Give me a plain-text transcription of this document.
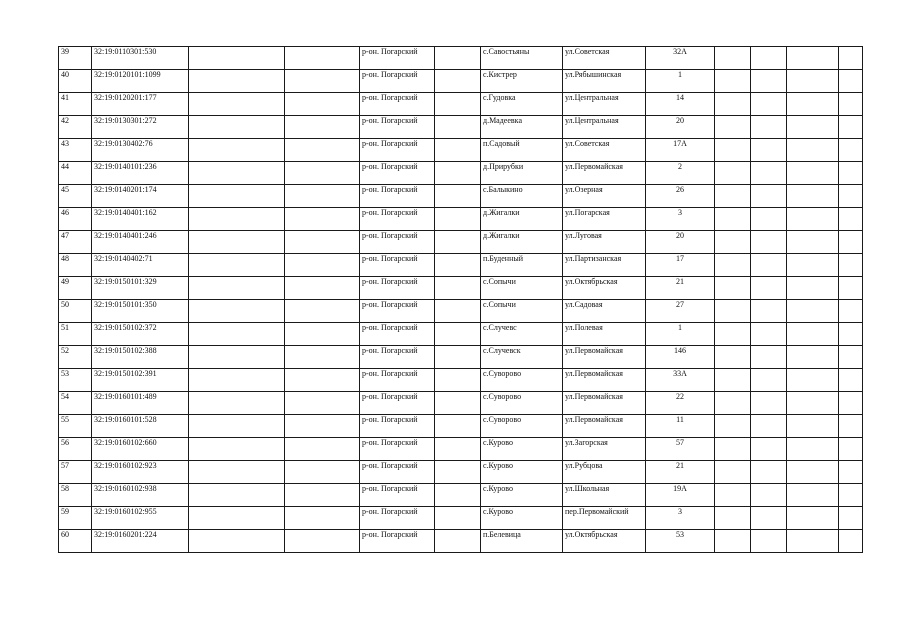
39	32:19:0110301:530			р-он. Погарский		с.Савостьяны	ул.Советская	32А				
40	32:19:0120101:1099			р-он. Погарский		с.Кистрер	ул.Рябышинская	1				
41	32:19:0120201:177			р-он. Погарский		с.Гудовка	ул.Центральная	14				
42	32:19:0130301:272			р-он. Погарский		д.Мадеевка	ул.Центральная	20				
43	32:19:0130402:76			р-он. Погарский		п.Садовый	ул.Советская	17А				
44	32:19:0140101:236			р-он. Погарский		д.Прирубки	ул.Первомайская	2				
45	32:19:0140201:174			р-он. Погарский		с.Балыкино	ул.Озерная	26				
46	32:19:0140401:162			р-он. Погарский		д.Жигалки	ул.Погарская	3				
47	32:19:0140401:246			р-он. Погарский		д.Жигалки	ул.Луговая	20				
48	32:19:0140402:71			р-он. Погарский		п.Буденный	ул.Партизанская	17				
49	32:19:0150101:329			р-он. Погарский		с.Сопычи	ул.Октябрьская	21				
50	32:19:0150101:350			р-он. Погарский		с.Сопычи	ул.Садовая	27				
51	32:19:0150102:372			р-он. Погарский		с.Случевс	ул.Полевая	1				
52	32:19:0150102:388			р-он. Погарский		с.Случевск	ул.Первомайская	146				
53	32:19:0150102:391			р-он. Погарский		с.Суворово	ул.Первомайская	33А				
54	32:19:0160101:489			р-он. Погарский		с.Суворово	ул.Первомайская	22				
55	32:19:0160101:528			р-он. Погарский		с.Суворово	ул.Первомайская	11				
56	32:19:0160102:660			р-он. Погарский		с.Курово	ул.Загорская	57				
57	32:19:0160102:923			р-он. Погарский		с.Курово	ул.Рубцова	21				
58	32:19:0160102:938			р-он. Погарский		с.Курово	ул.Школьная	19А				
59	32:19:0160102:955			р-он. Погарский		с.Курово	пер.Первомайский	3				
60	32:19:0160201:224			р-он. Погарский		п.Белевица	ул.Октябрьская	53				
